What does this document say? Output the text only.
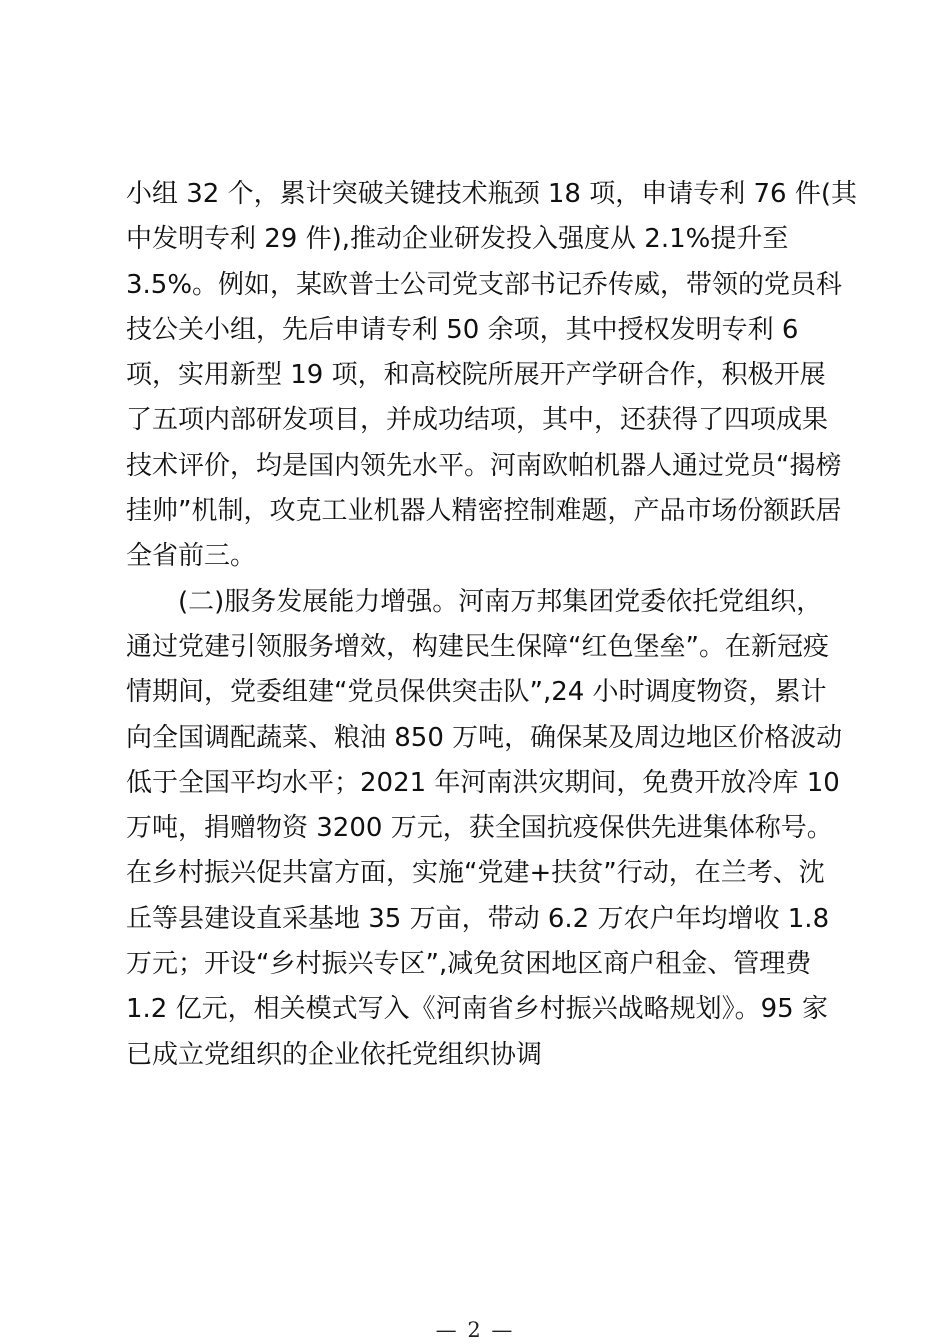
小组 32 个，累计突破关键技术瓶颈 18 项，申请专利 76 件(其
中发明专利 29 件),推动企业研发投入强度从 2.1%提升至
3.5%。例如，某欧普士公司党支部书记乔传威，带领的党员科
技公关小组，先后申请专利 50 余项，其中授权发明专利 6
项，实用新型 19 项，和高校院所展开产学研合作，积极开展
了五项内部研发项目，并成功结项，其中，还获得了四项成果
技术评价，均是国内领先水平。河南欧帕机器人通过党员“揭榜
挂帅”机制，攻克工业机器人精密控制难题，产品市场份额跃居
全省前三。
(二)服务发展能力增强。河南万邦集团党委依托党组织，
通过党建引领服务增效，构建民生保障“红色堡垒”。在新冠疫
情期间，党委组建“党员保供突击队”,24 小时调度物资，累计
向全国调配蔬菜、粮油 850 万吨，确保某及周边地区价格波动
低于全国平均水平；2021 年河南洪灾期间，免费开放冷库 10
万吨，捐赠物资 3200 万元，获全国抗疫保供先进集体称号。
在乡村振兴促共富方面，实施“党建+扶贫”行动，在兰考、沈
丘等县建设直采基地 35 万亩，带动 6.2 万农户年均增收 1.8
万元；开设“乡村振兴专区”,减免贫困地区商户租金、管理费
1.2 亿元，相关模式写入《河南省乡村振兴战略规划》。95 家
已成立党组织的企业依托党组织协调
— 2 —
